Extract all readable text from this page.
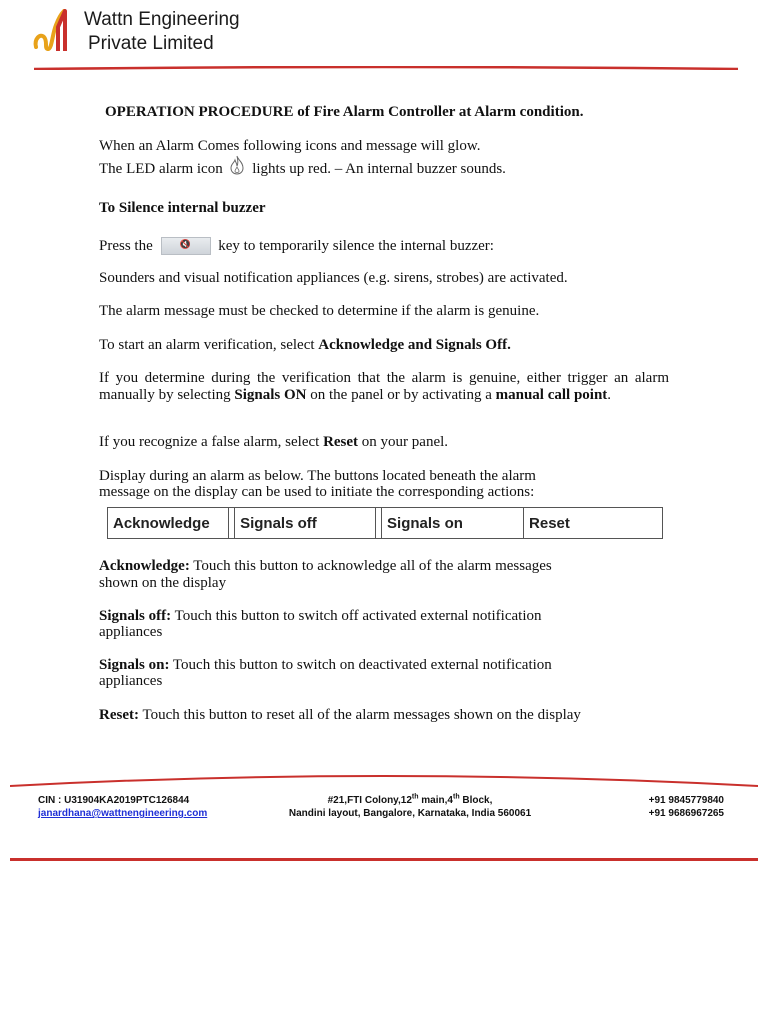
Wattn Engineering
Private Limited
OPERATION PROCEDURE of Fire Alarm Controller at Alarm condition.
When an Alarm Comes following icons and message will glow.
The LED alarm icon lights up red. – An internal buzzer sounds.
To Silence internal buzzer
Press the	🔇 key to temporarily silence the internal buzzer:
Sounders and visual notification appliances (e.g. sirens, strobes) are activated.
The alarm message must be checked to determine if the alarm is genuine.
To start an alarm verification, select Acknowledge and Signals Off.
If you determine during the verification that the alarm is genuine, either trigger an alarm manually by selecting Signals ON on the panel or by activating a manual call point.
If you recognize a false alarm, select Reset on your panel.
Display during an alarm as below. The buttons located beneath the alarm
message on the display can be used to initiate the corresponding actions:
Acknowledge: Touch this button to acknowledge all of the alarm messages
shown on the display
Signals off: Touch this button to switch off activated external notification
appliances
Signals on: Touch this button to switch on deactivated external notification
appliances
Reset: Touch this button to reset all of the alarm messages shown on the display
Acknowledge	Signals off	Signals on	Reset
CIN : U31904KA2019PTC126844
janardhana@wattnengineering.com
#21,FTI Colony,12th main,4th Block,
Nandini layout, Bangalore, Karnataka, India 560061
+91 9845779840
+91 9686967265
